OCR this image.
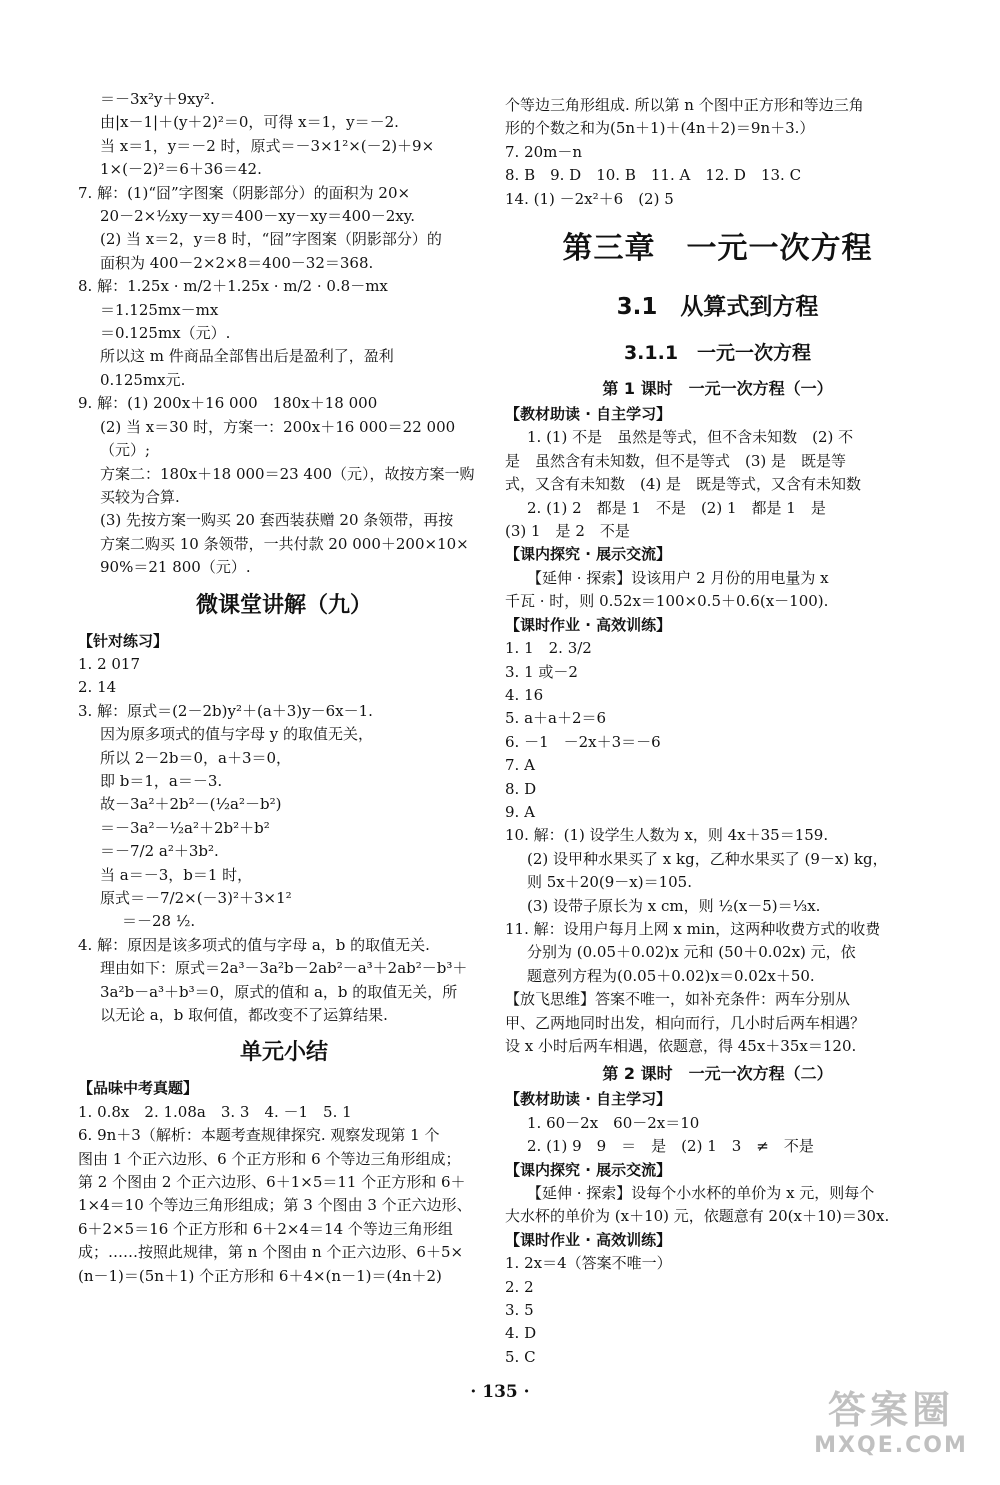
＝－3x²y＋9xy².

由|x－1|＋(y＋2)²＝0，可得 x＝1，y＝－2.

当 x＝1，y＝－2 时，原式＝－3×1²×(－2)＋9×

1×(－2)²＝6＋36＝42.

7. 解：(1)“囧”字图案（阴影部分）的面积为 20×

20－2×½xy－xy＝400－xy－xy＝400－2xy.

(2) 当 x＝2，y＝8 时，“囧”字图案（阴影部分）的

面积为 400－2×2×8＝400－32＝368.

8. 解：1.25x · m/2＋1.25x · m/2 · 0.8－mx

＝1.125mx－mx

＝0.125mx（元）.

所以这 m 件商品全部售出后是盈利了，盈利

0.125mx元.

9. 解：(1) 200x＋16 000　180x＋18 000

(2) 当 x＝30 时，方案一：200x＋16 000＝22 000（元）;

方案二：180x＋18 000＝23 400（元），故按方案一购

买较为合算.

(3) 先按方案一购买 20 套西装获赠 20 条领带，再按

方案二购买 10 条领带，一共付款 20 000＋200×10×

90%＝21 800（元）.

微课堂讲解（九）

【针对练习】

1. 2 017

2. 14

3. 解：原式＝(2－2b)y²＋(a＋3)y－6x－1.

因为原多项式的值与字母 y 的取值无关，

所以 2－2b＝0，a＋3＝0，

即 b＝1，a＝－3.

故－3a²＋2b²－(½a²－b²)

＝－3a²－½a²＋2b²＋b²

＝－7/2 a²＋3b².

当 a＝－3，b＝1 时，

原式＝－7/2×(－3)²＋3×1²

＝－28 ½.

4. 解：原因是该多项式的值与字母 a，b 的取值无关.

理由如下：原式＝2a³－3a²b－2ab²－a³＋2ab²－b³＋

3a²b－a³＋b³＝0，原式的值和 a，b 的取值无关，所

以无论 a，b 取何值，都改变不了运算结果.

单元小结

【品味中考真题】

1. 0.8x　2. 1.08a　3. 3　4. －1　5. 1

6. 9n＋3（解析：本题考查规律探究. 观察发现第 1 个

图由 1 个正六边形、6 个正方形和 6 个等边三角形组成；

第 2 个图由 2 个正六边形、6＋1×5＝11 个正方形和 6＋

1×4＝10 个等边三角形组成；第 3 个图由 3 个正六边形、

6＋2×5＝16 个正方形和 6＋2×4＝14 个等边三角形组

成；……按照此规律，第 n 个图由 n 个正六边形、6＋5×

(n－1)＝(5n＋1) 个正方形和 6＋4×(n－1)＝(4n＋2)

个等边三角形组成. 所以第 n 个图中正方形和等边三角

形的个数之和为(5n＋1)＋(4n＋2)＝9n＋3.）

7. 20m－n

8. B　9. D　10. B　11. A　12. D　13. C

14. (1) －2x²＋6　(2) 5

第三章　一元一次方程
3.1　从算式到方程
3.1.1　一元一次方程
第 1 课时　一元一次方程（一）

【教材助读 · 自主学习】

1. (1) 不是　虽然是等式，但不含未知数　(2) 不

是　虽然含有未知数，但不是等式　(3) 是　既是等

式，又含有未知数　(4) 是　既是等式，又含有未知数

2. (1) 2　都是 1　不是　(2) 1　都是 1　是

(3) 1　是 2　不是

【课内探究 · 展示交流】

【延伸 · 探索】设该用户 2 月份的用电量为 x

千瓦 · 时，则 0.52x＝100×0.5＋0.6(x－100).

【课时作业 · 高效训练】

1. 1　2. 3/2

3. 1 或－2

4. 16

5. a＋a＋2＝6

6. －1　－2x＋3＝－6

7. A

8. D

9. A

10. 解：(1) 设学生人数为 x，则 4x＋35＝159.

(2) 设甲种水果买了 x kg，乙种水果买了 (9－x) kg，

则 5x＋20(9－x)＝105.

(3) 设带子原长为 x cm，则 ½(x－5)＝⅓x.

11. 解：设用户每月上网 x min，这两种收费方式的收费

分别为 (0.05＋0.02)x 元和 (50＋0.02x) 元，依

题意列方程为(0.05＋0.02)x＝0.02x＋50.

【放飞思维】答案不唯一，如补充条件：两车分别从

甲、乙两地同时出发，相向而行，几小时后两车相遇？

设 x 小时后两车相遇，依题意，得 45x＋35x＝120.

第 2 课时　一元一次方程（二）

【教材助读 · 自主学习】

1. 60－2x　60－2x＝10

2. (1) 9　9　＝　是　(2) 1　3　≠　不是

【课内探究 · 展示交流】

【延伸 · 探索】设每个小水杯的单价为 x 元，则每个

大水杯的单价为 (x＋10) 元，依题意有 20(x＋10)＝30x.

【课时作业 · 高效训练】

1. 2x＝4（答案不唯一）

2. 2

3. 5

4. D

5. C

· 135 ·	答案圈
MXQE.COM
